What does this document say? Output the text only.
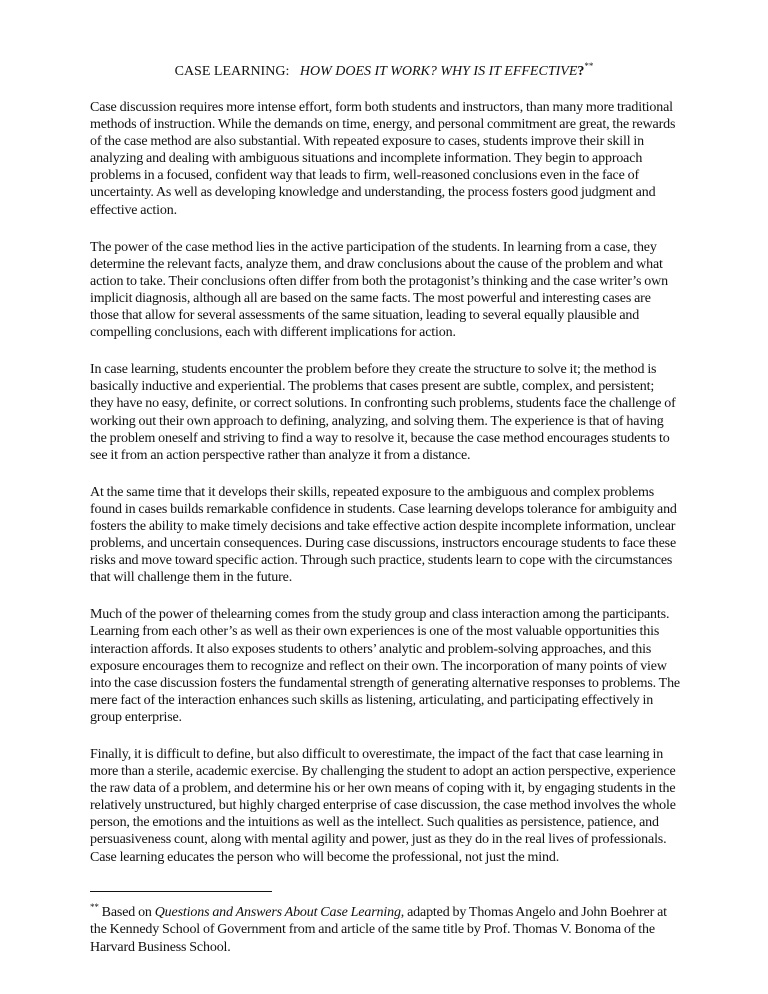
CASE LEARNING: HOW DOES IT WORK? WHY IS IT EFFECTIVE?**

Case discussion requires more intense effort, form both students and instructors, than many more traditional methods of instruction. While the demands on time, energy, and personal commitment are great, the rewards of the case method are also substantial. With repeated exposure to cases, students improve their skill in analyzing and dealing with ambiguous situations and incomplete information. They begin to approach problems in a focused, confident way that leads to firm, well-reasoned conclusions even in the face of uncertainty. As well as developing knowledge and understanding, the process fosters good judgment and effective action.

The power of the case method lies in the active participation of the students. In learning from a case, they determine the relevant facts, analyze them, and draw conclusions about the cause of the problem and what action to take. Their conclusions often differ from both the protagonist’s thinking and the case writer’s own implicit diagnosis, although all are based on the same facts. The most powerful and interesting cases are those that allow for several assessments of the same situation, leading to several equally plausible and compelling conclusions, each with different implications for action.

In case learning, students encounter the problem before they create the structure to solve it; the method is basically inductive and experiential. The problems that cases present are subtle, complex, and persistent; they have no easy, definite, or correct solutions. In confronting such problems, students face the challenge of working out their own approach to defining, analyzing, and solving them. The experience is that of having the problem oneself and striving to find a way to resolve it, because the case method encourages students to see it from an action perspective rather than analyze it from a distance.

At the same time that it develops their skills, repeated exposure to the ambiguous and complex problems found in cases builds remarkable confidence in students. Case learning develops tolerance for ambiguity and fosters the ability to make timely decisions and take effective action despite incomplete information, unclear problems, and uncertain consequences. During case discussions, instructors encourage students to face these risks and move toward specific action. Through such practice, students learn to cope with the circumstances that will challenge them in the future.

Much of the power of thelearning comes from the study group and class interaction among the participants. Learning from each other’s as well as their own experiences is one of the most valuable opportunities this interaction affords. It also exposes students to others’ analytic and problem-solving approaches, and this exposure encourages them to recognize and reflect on their own. The incorporation of many points of view into the case discussion fosters the fundamental strength of generating alternative responses to problems. The mere fact of the interaction enhances such skills as listening, articulating, and participating effectively in group enterprise.

Finally, it is difficult to define, but also difficult to overestimate, the impact of the fact that case learning in more than a sterile, academic exercise. By challenging the student to adopt an action perspective, experience the raw data of a problem, and determine his or her own means of coping with it, by engaging students in the relatively unstructured, but highly charged enterprise of case discussion, the case method involves the whole person, the emotions and the intuitions as well as the intellect. Such qualities as persistence, patience, and persuasiveness count, along with mental agility and power, just as they do in the real lives of professionals. Case learning educates the person who will become the professional, not just the mind.

** Based on Questions and Answers About Case Learning, adapted by Thomas Angelo and John Boehrer at the Kennedy School of Government from and article of the same title by Prof. Thomas V. Bonoma of the Harvard Business School.
